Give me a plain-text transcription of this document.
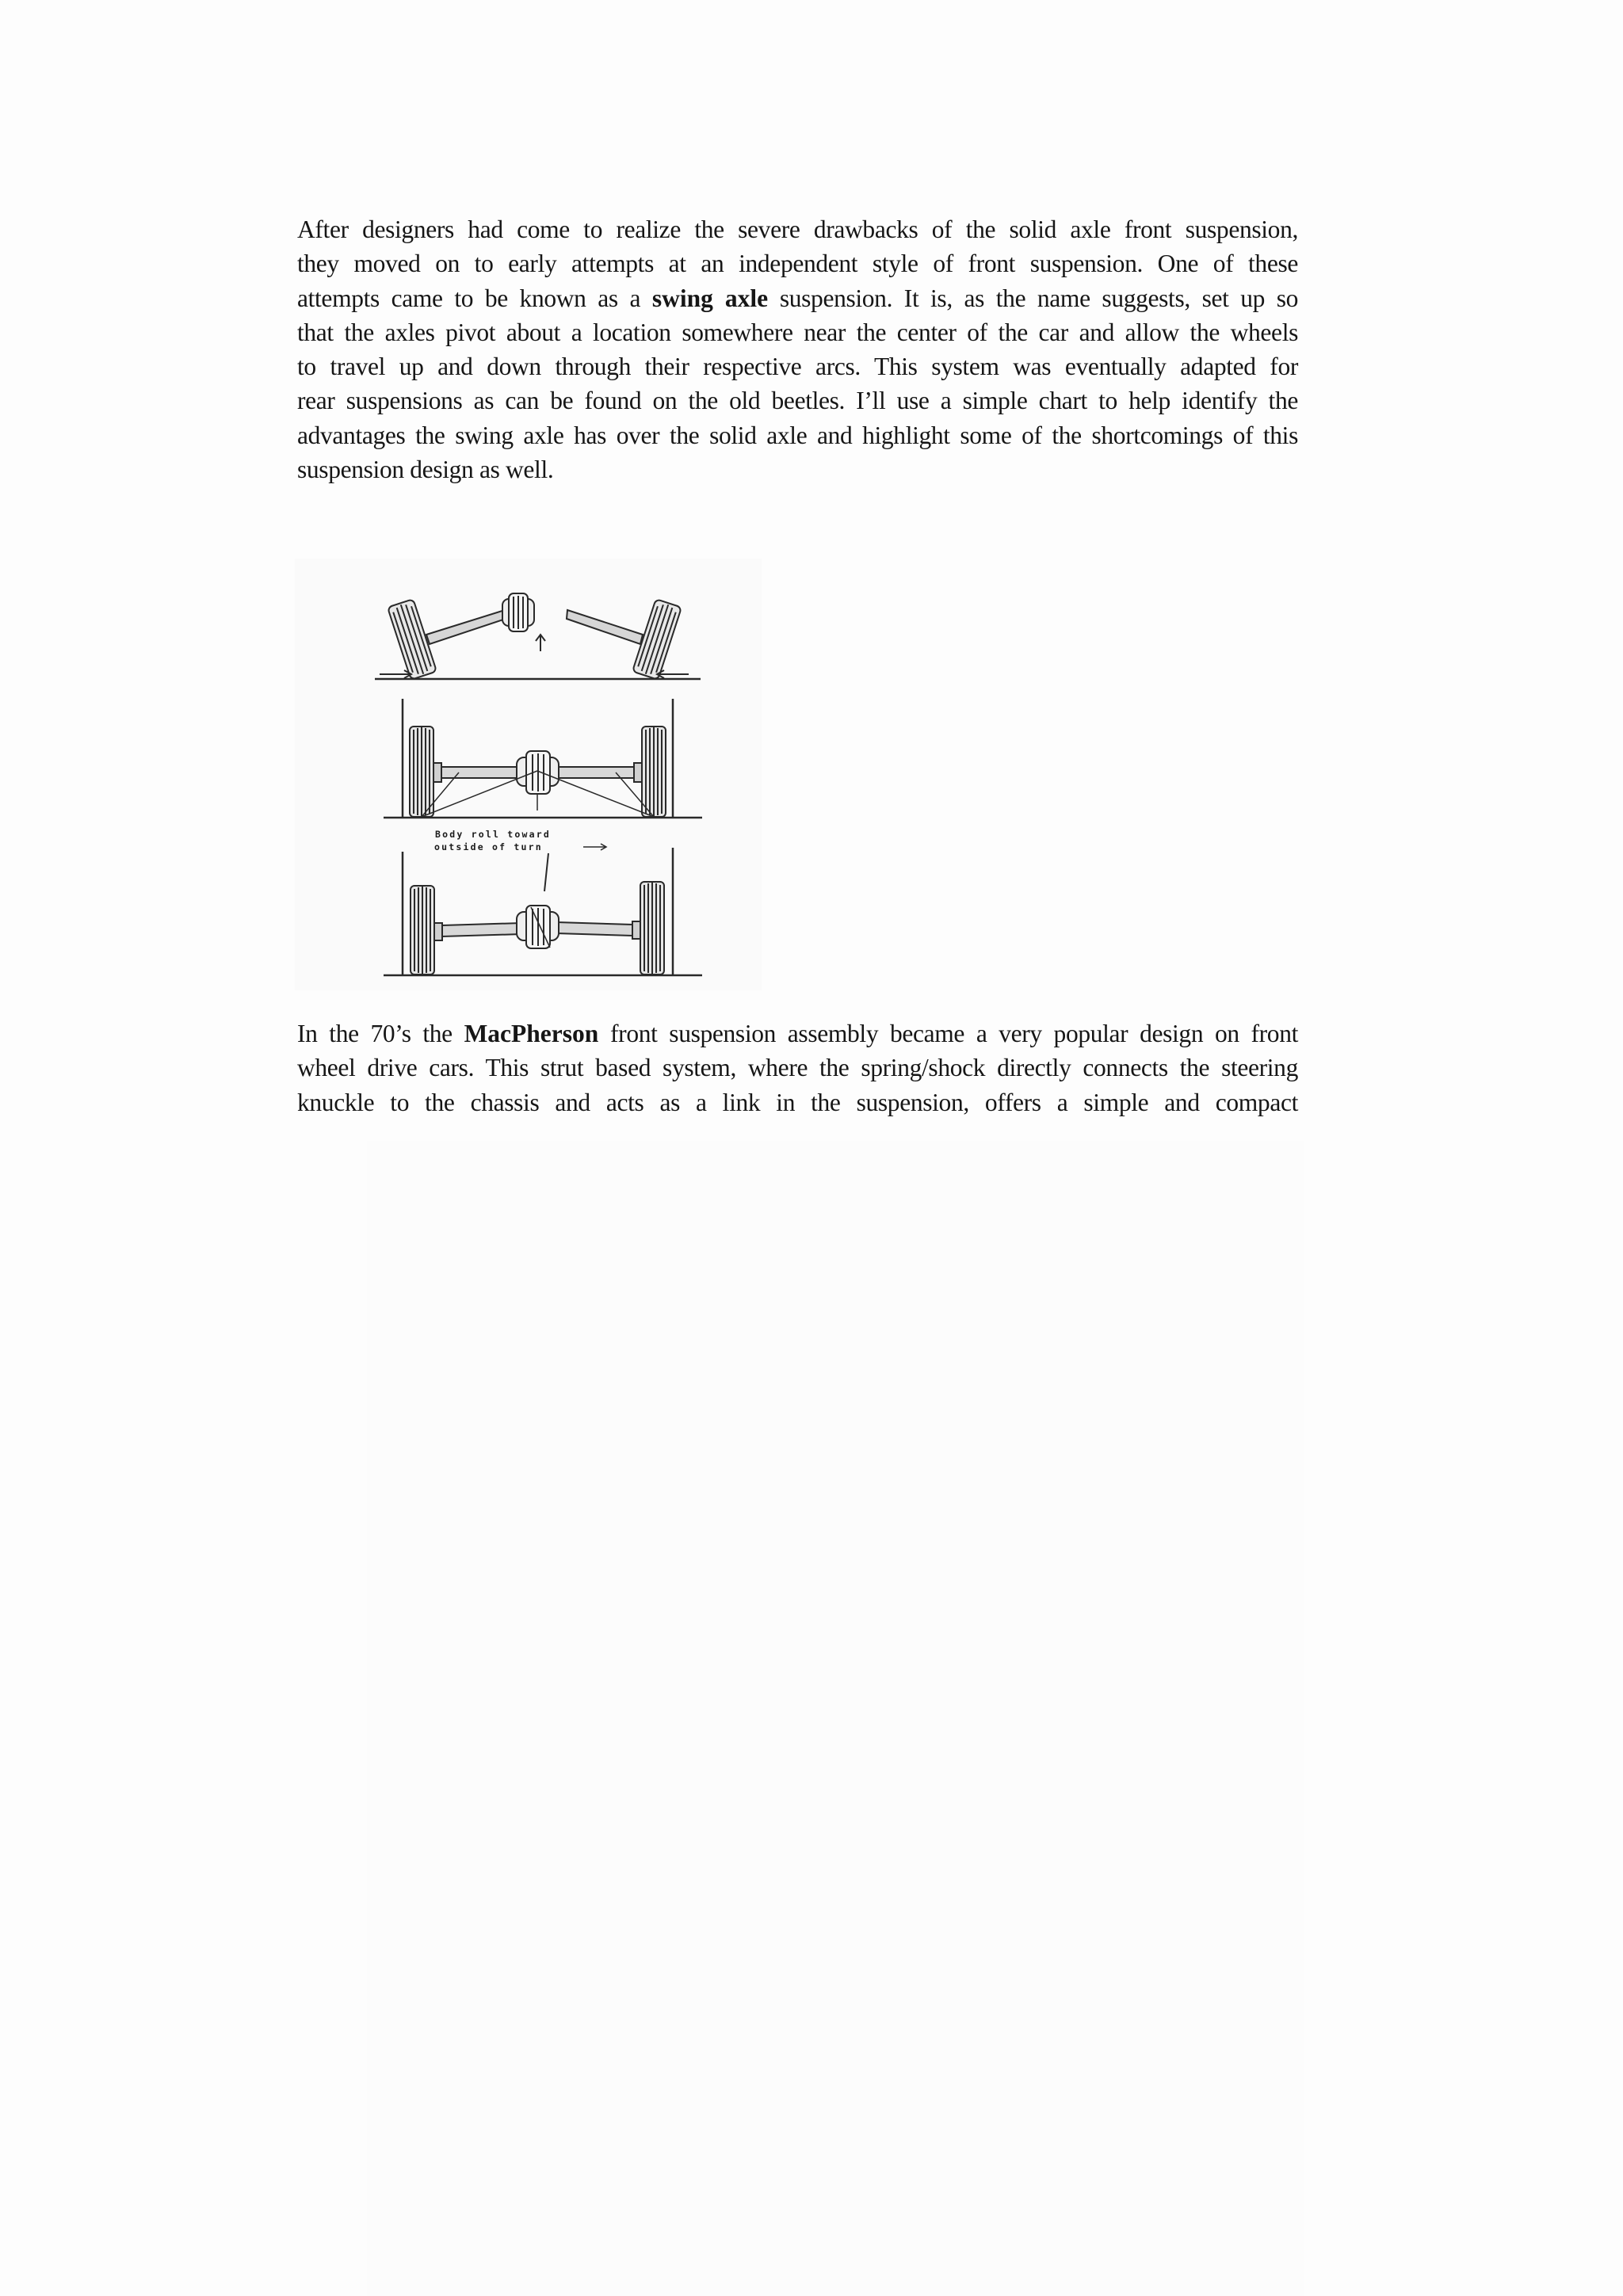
After designers had come to realize the severe drawbacks of the solid axle front suspension,
they moved on to early attempts at an independent style of front suspension. One of these
attempts came to be known as a swing axle suspension. It is, as the name suggests, set up so
that the axles pivot about a location somewhere near the center of the car and allow the wheels
to travel up and down through their respective arcs. This system was eventually adapted for
rear suspensions as can be found on the old beetles. I’ll use a simple chart to help identify the
advantages the swing axle has over the solid axle and highlight some of the shortcomings of this
suspension design as well.
Body roll toward
outside of turn
In the 70’s the MacPherson front suspension assembly became a very popular design on front
wheel drive cars. This strut based system, where the spring/shock directly connects the steering
knuckle to the chassis and acts as a link in the suspension, offers a simple and compact
